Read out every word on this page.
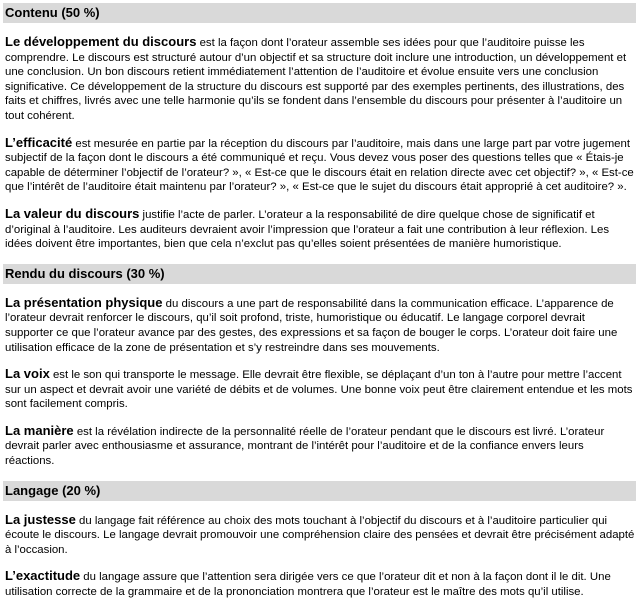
Contenu (50 %)

Le développement du discours est la façon dont l’orateur assemble ses idées pour que l’auditoire puisse les comprendre. Le discours est structuré autour d’un objectif et sa structure doit inclure une introduction, un développement et une conclusion. Un bon discours retient immédiatement l’attention de l’auditoire et évolue ensuite vers une conclusion significative. Ce développement de la structure du discours est supporté par des exemples pertinents, des illustrations, des faits et chiffres, livrés avec une telle harmonie qu’ils se fondent dans l’ensemble du discours pour présenter à l’auditoire un tout cohérent.

L’efficacité est mesurée en partie par la réception du discours par l’auditoire, mais dans une large part par votre jugement subjectif de la façon dont le discours a été communiqué et reçu. Vous devez vous poser des questions telles que « Étais-je capable de déterminer l’objectif de l’orateur? », « Est-ce que le discours était en relation directe avec cet objectif? », « Est-ce que l’intérêt de l’auditoire était maintenu par l’orateur? », « Est-ce que le sujet du discours était approprié à cet auditoire? ».

La valeur du discours justifie l’acte de parler. L’orateur a la responsabilité de dire quelque chose de significatif et d’original à l’auditoire. Les auditeurs devraient avoir l’impression que l’orateur a fait une contribution à leur réflexion. Les idées doivent être importantes, bien que cela n’exclut pas qu’elles soient présentées de manière humoristique.

Rendu du discours (30 %)

La présentation physique du discours a une part de responsabilité dans la communication efficace. L’apparence de l’orateur devrait renforcer le discours, qu’il soit profond, triste, humoristique ou éducatif. Le langage corporel devrait supporter ce que l’orateur avance par des gestes, des expressions et sa façon de bouger le corps. L’orateur doit faire une utilisation efficace de la zone de présentation et s’y restreindre dans ses mouvements.

La voix est le son qui transporte le message. Elle devrait être flexible, se déplaçant d’un ton à l’autre pour mettre l’accent sur un aspect et devrait avoir une variété de débits et de volumes. Une bonne voix peut être clairement entendue et les mots sont facilement compris.

La manière est la révélation indirecte de la personnalité réelle de l’orateur pendant que le discours est livré. L’orateur devrait parler avec enthousiasme et assurance, montrant de l’intérêt pour l’auditoire et de la confiance envers leurs réactions.

Langage (20 %)

La justesse du langage fait référence au choix des mots touchant à l’objectif du discours et à l’auditoire particulier qui écoute le discours. Le langage devrait promouvoir une compréhension claire des pensées et devrait être précisément adapté à l’occasion.

L’exactitude du langage assure que l’attention sera dirigée vers ce que l’orateur dit et non à la façon dont il le dit. Une utilisation correcte de la grammaire et de la prononciation montrera que l’orateur est le maître des mots qu’il utilise.
